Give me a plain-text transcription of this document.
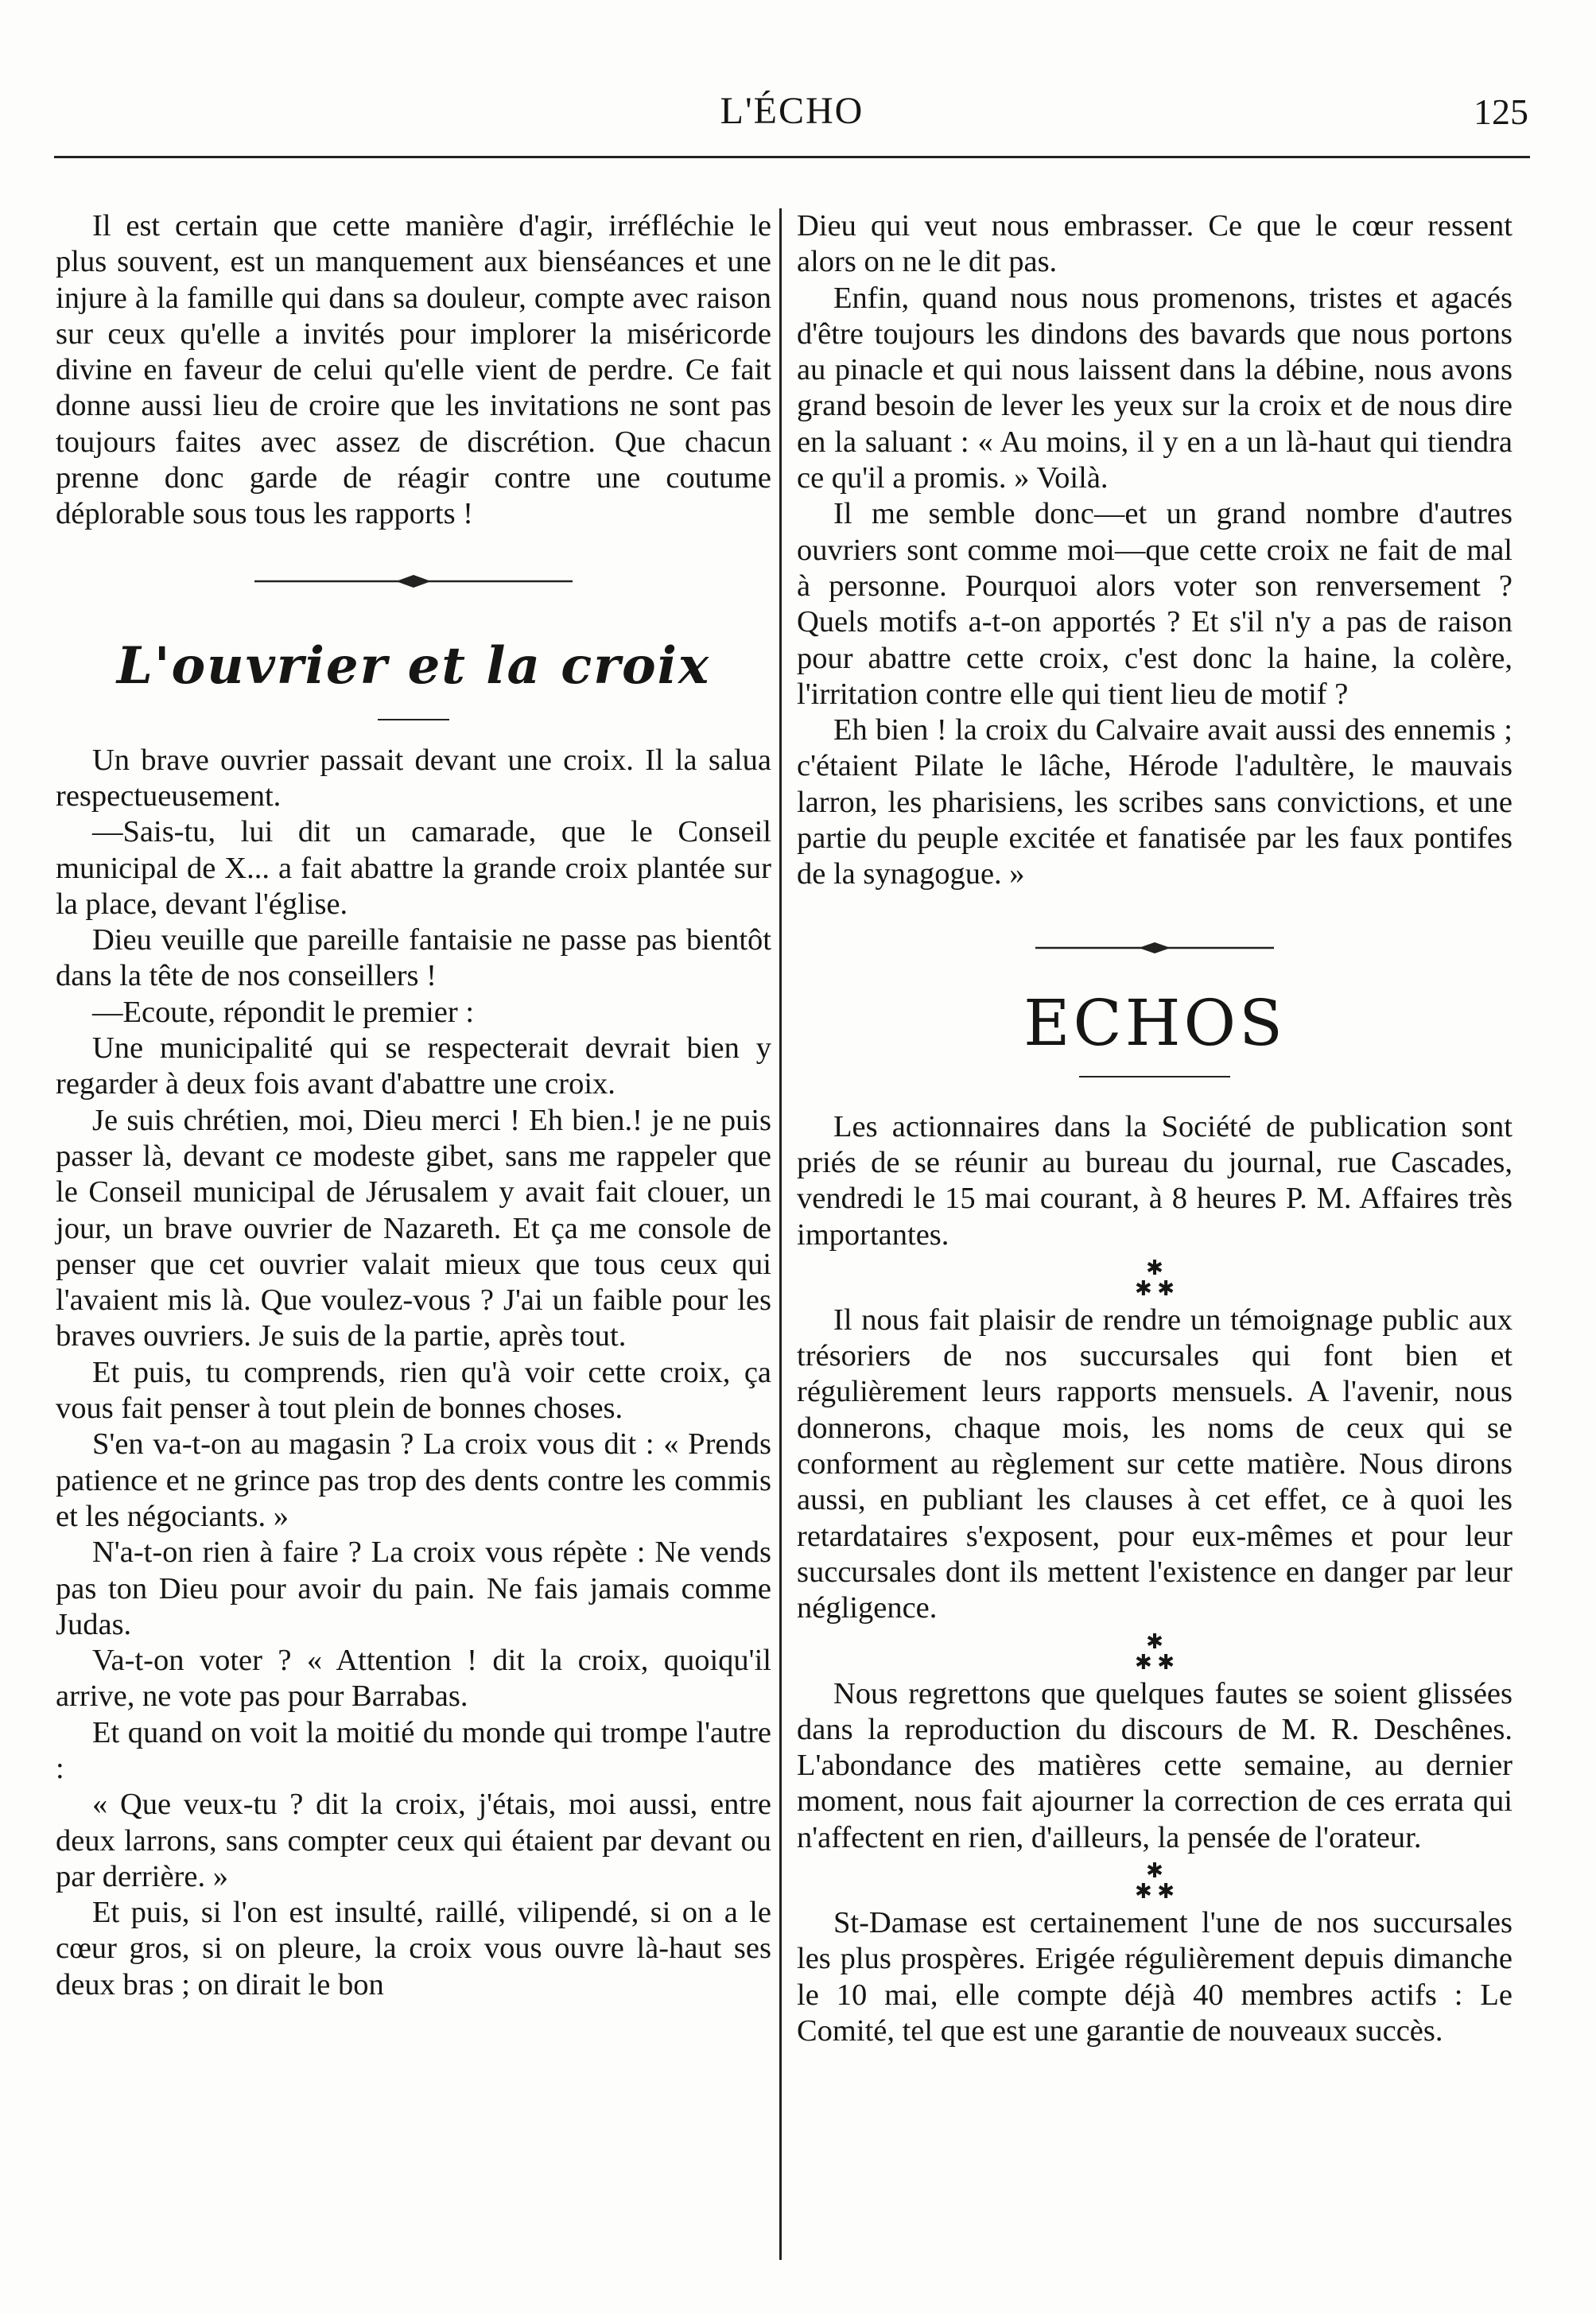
L'ÉCHO	125

Il est certain que cette manière d'agir, irréfléchie le plus souvent, est un manquement aux bienséances et une injure à la famille qui dans sa douleur, compte avec raison sur ceux qu'elle a invités pour implorer la miséricorde divine en faveur de celui qu'elle vient de perdre. Ce fait donne aussi lieu de croire que les invitations ne sont pas toujours faites avec assez de discrétion. Que chacun prenne donc garde de réagir contre une coutume déplorable sous tous les rapports !

L'ouvrier et la croix

Un brave ouvrier passait devant une croix. Il la salua respectueusement.

—Sais-tu, lui dit un camarade, que le Conseil municipal de X... a fait abattre la grande croix plantée sur la place, devant l'église.

Dieu veuille que pareille fantaisie ne passe pas bientôt dans la tête de nos conseillers !

—Ecoute, répondit le premier :

Une municipalité qui se respecterait devrait bien y regarder à deux fois avant d'abattre une croix.

Je suis chrétien, moi, Dieu merci ! Eh bien.! je ne puis passer là, devant ce modeste gibet, sans me rappeler que le Conseil municipal de Jérusalem y avait fait clouer, un jour, un brave ouvrier de Nazareth. Et ça me console de penser que cet ouvrier valait mieux que tous ceux qui l'avaient mis là. Que voulez-vous ? J'ai un faible pour les braves ouvriers. Je suis de la partie, après tout.

Et puis, tu comprends, rien qu'à voir cette croix, ça vous fait penser à tout plein de bonnes choses.

S'en va-t-on au magasin ? La croix vous dit : « Prends patience et ne grince pas trop des dents contre les commis et les négociants. »

N'a-t-on rien à faire ? La croix vous répète : Ne vends pas ton Dieu pour avoir du pain. Ne fais jamais comme Judas.

Va-t-on voter ? « Attention ! dit la croix, quoiqu'il arrive, ne vote pas pour Barrabas.

Et quand on voit la moitié du monde qui trompe l'autre :

« Que veux-tu ? dit la croix, j'étais, moi aussi, entre deux larrons, sans compter ceux qui étaient par devant ou par derrière. »

Et puis, si l'on est insulté, raillé, vilipendé, si on a le cœur gros, si on pleure, la croix vous ouvre là-haut ses deux bras ; on dirait le bon

Dieu qui veut nous embrasser. Ce que le cœur ressent alors on ne le dit pas.

Enfin, quand nous nous promenons, tristes et agacés d'être toujours les dindons des bavards que nous portons au pinacle et qui nous laissent dans la débine, nous avons grand besoin de lever les yeux sur la croix et de nous dire en la saluant : « Au moins, il y en a un là-haut qui tiendra ce qu'il a promis. » Voilà.

Il me semble donc—et un grand nombre d'autres ouvriers sont comme moi—que cette croix ne fait de mal à personne. Pourquoi alors voter son renversement ? Quels motifs a-t-on apportés ? Et s'il n'y a pas de raison pour abattre cette croix, c'est donc la haine, la colère, l'irritation contre elle qui tient lieu de motif ?

Eh bien ! la croix du Calvaire avait aussi des ennemis ; c'étaient Pilate le lâche, Hérode l'adultère, le mauvais larron, les pharisiens, les scribes sans convictions, et une partie du peuple excitée et fanatisée par les faux pontifes de la synagogue. »

ECHOS

Les actionnaires dans la Société de publication sont priés de se réunir au bureau du journal, rue Cascades, vendredi le 15 mai courant, à 8 heures P. M. Affaires très importantes.

✱
✱ ✱

Il nous fait plaisir de rendre un témoignage public aux trésoriers de nos succursales qui font bien et régulièrement leurs rapports mensuels. A l'avenir, nous donnerons, chaque mois, les noms de ceux qui se conforment au règlement sur cette matière. Nous dirons aussi, en publiant les clauses à cet effet, ce à quoi les retardataires s'exposent, pour eux-mêmes et pour leur succursales dont ils mettent l'existence en danger par leur négligence.

✱
✱ ✱

Nous regrettons que quelques fautes se soient glissées dans la reproduction du discours de M. R. Deschênes. L'abondance des matières cette semaine, au dernier moment, nous fait ajourner la correction de ces errata qui n'affectent en rien, d'ailleurs, la pensée de l'orateur.

✱
✱ ✱

St-Damase est certainement l'une de nos succursales les plus prospères. Erigée régulièrement depuis dimanche le 10 mai, elle compte déjà 40 membres actifs : Le Comité, tel que est une garantie de nouveaux succès.
